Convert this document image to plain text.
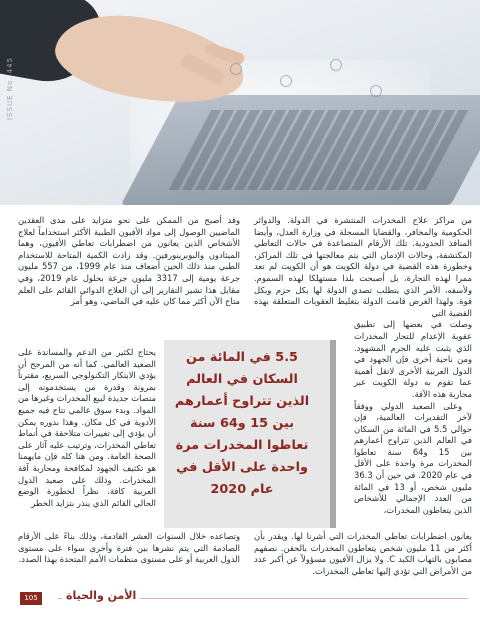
ISSUE No. 445

من مراكز علاج المخدرات المنتشرة في الدولة. والدوائر الحكومية والمخافر، والقضايا المسجلة في وزارة العدل، وأيضا المنافذ الحدودية. تلك الأرقام المتصاعدة في حالات التعاطي المكتشفة، وحالات الإدمان التي يتم معالجتها في تلك المراكز، وخطورة هذه القضية في دولة الكويت هو أن الكويت لم تعد ممرا لهذه التجارة، بل أصبحت بلدا مستهلكا لهذه السموم. ولأسفه، الأمر الذي يتطلب تصدي الدولة لها بكل حزم وبكل قوة. ولهذا الغرض قامت الدولة بتغليظ العقوبات المتعلقة بهذه القضية التي

وصلت في بعضها إلى تطبيق عقوبة الإعدام للتجار المخدرات الذي يثبت عليه الجرم المشهود. ومن ناحية أخرى فإن الجهود في الدول العربية الأخرى لاتقل أهمية عما تقوم به دولة الكويت عبر محاربة هذه الآفة.

وعلى الصعيد الدولي ووفقاً لآخر التقديرات العالمية، فإن حوالي 5.5 في المائة من السكان في العالم الذين تتراوح أعمارهم بين 15 و64 سنة تعاطوا المخدرات مرة واحدة على الأقل في عام 2020. في حين أن 36.3 مليون شخص، أو 13 في المائة من العدد الإجمالي للأشخاص الذين يتعاطون المخدرات،

وقد أصبح من الممكن على نحو متزايد على مدى العقدين الماضيين الوصول إلى مواد الأفيون الطبية الأكثر استخداماً لعلاج الأشخاص الذين يعانون من اضطرابات تعاطي الأفيون، وهما الميثادون والبوبرينورفين. وقد زادت الكمية المتاحة للاستخدام الطبي منذ ذلك الحين أضعاف منذ عام 1999، من 557 مليون جرعة يومية إلى 3317 مليون جرعة بحلول عام 2019، وفي مقابل هذا تشير التقارير إلى أن العلاج الدوائي القائم على العلم متاح الآن أكثر مما كان عليه في الماضي، وهو أمر

يحتاج لكثير من الدعم والمساندة على الصعيد العالمي. كما أنه من المرجح أن يؤدي الابتكار التكنولوجي السريع، مقترناً بمرونة وقدرة من يستخدمونه إلى منصات جديدة لبيع المخدرات وغيرها من المواد. وبدء سوق عالمي تتاح فيه جميع الأدوية في كل مكان. وهذا بدوره يمكن أن يؤدي إلى تغييرات متلاحقة في أنماط تعاطي المخدرات، وترتيب عليه آثار على الصحة العامة. ومن هنا كله فإن مايهمنا هو تكثيف الجهود لمكافحة ومحاربة آفة المخدرات. وذلك على صعيد الدول العربية كافة. نظراً لخطورة الوضع الحالي القائم الذي ينذر بتزايد الخطر

5.5 في المائة من السكان في العالم الذين تتراوح أعمارهم بين 15 و64 سنة تعاطوا المخدرات مرة واحدة على الأقل في عام 2020

وتصاعده خلال السنوات العشر القادمة، وذلك بناءً على الأرقام الصادمة التي يتم نشرها بين فترة وأخرى سواء على مستوى الدول العربية أو على مستوى منظمات الأمم المتحدة بهذا الصدد.

يعانون اضطرابات تعاطي المخدرات التي أشرنا لها. ويقدر بأن أكثر من 11 مليون شخص يتعاطون المخدرات بالحقن. نصفهم مصابون بالتهاب الكبد C. ولا يزال الأفيون مسؤولاً عن أكبر عدد من الأمراض التي تؤدي إليها تعاطي المخدرات.

105	الأمن والحياة
